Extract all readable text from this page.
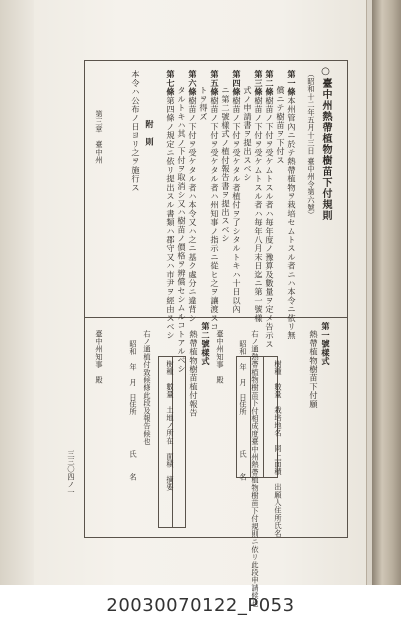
○臺中州熱帶植物樹苗下付規則
（昭和十二年五月十三日 臺中州令第六號）
第一條本州管內ニ於テ熱帶植物ヲ栽培セムトスル者ニハ本令ニ依リ無
償ニテ樹苗ヲ下付ス
第二條樹苗ノ下付ヲ受ケムトスル者ハ毎年度ノ豫算及數量ヲ定メ告示ス
第三條樹苗ノ下付ヲ受ケムトスル者ハ毎年八月末日迄ニ第一號樣
式ノ申請書ヲ提出スベシ
第四條樹苗ノ下付ヲ受ケタル者植付ヲ了シタルトキハ十日以內
ニ第二號樣式ノ植付報告書ヲ提出スベシ
第五條樹苗ノ下付ヲ受ケタル者ハ州知事ノ指示ニ從ヒ之ヲ讓渡スコ
トヲ得ズ
第六條樹苗ノ下付ヲ受ケタル者ハ本令又ハ之ニ基ク處分ニ違背シ
タルトキハ其ノ下付ヲ取消シ又ハ樹苗ノ價格ヲ辨償セシムルコトアルベシ
第七條第四條ノ規定ニ依リ提出スル書類ハ郡守又ハ市尹ヲ經由スベシ
附　則
本令ハ公布ノ日ヨリ之ヲ施行ス
第三章　臺中州
第一號樣式
熱帶植物樹苗下付願
樹種　數量　栽培地名　同上面積　出願人住所氏名
右ノ通熱帶植物樹苗下付相成度臺中州熱帶植物樹苗下付規則ニ依リ此段申請候也
昭和　年　月　日
住所
氏　　名
臺中州知事　殿
第二號樣式
熱帶植物樹苗植付報告
樹種　數量　土地ノ所在　面積　摘要
右ノ通植付致候條此段及報告候也
昭和　年　月　日
住所
氏　　名
臺中州知事　殿
三三〇四ノ一
20030070122_P053
